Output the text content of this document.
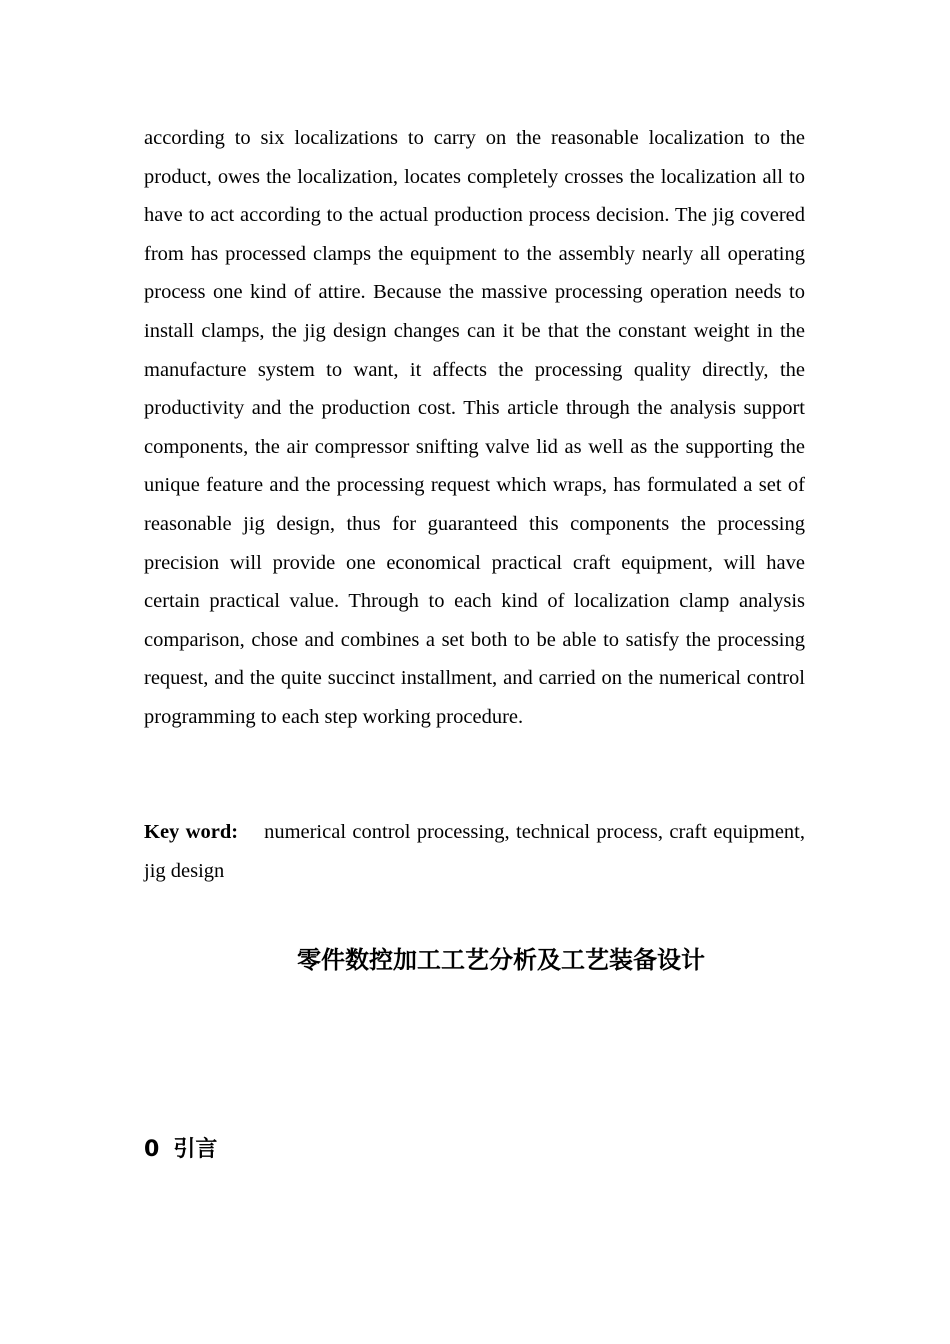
according to six localizations to carry on the reasonable localization to the product, owes the localization, locates completely crosses the localization all to have to act according to the actual production process decision. The jig covered from has processed clamps the equipment to the assembly nearly all operating process one kind of attire. Because the massive processing operation needs to install clamps, the jig design changes can it be that the constant weight in the manufacture system to want, it affects the processing quality directly, the productivity and the production cost. This article through the analysis support components, the air compressor snifting valve lid as well as the supporting the unique feature and the processing request which wraps, has formulated a set of reasonable jig design, thus for guaranteed this components the processing precision will provide one economical practical craft equipment, will have certain practical value. Through to each kind of localization clamp analysis comparison, chose and combines a set both to be able to satisfy the processing request, and the quite succinct installment, and carried on the numerical control programming to each step working procedure.

Key word: numerical control processing, technical process, craft equipment, jig design

零件数控加工工艺分析及工艺装备设计
0 引言
